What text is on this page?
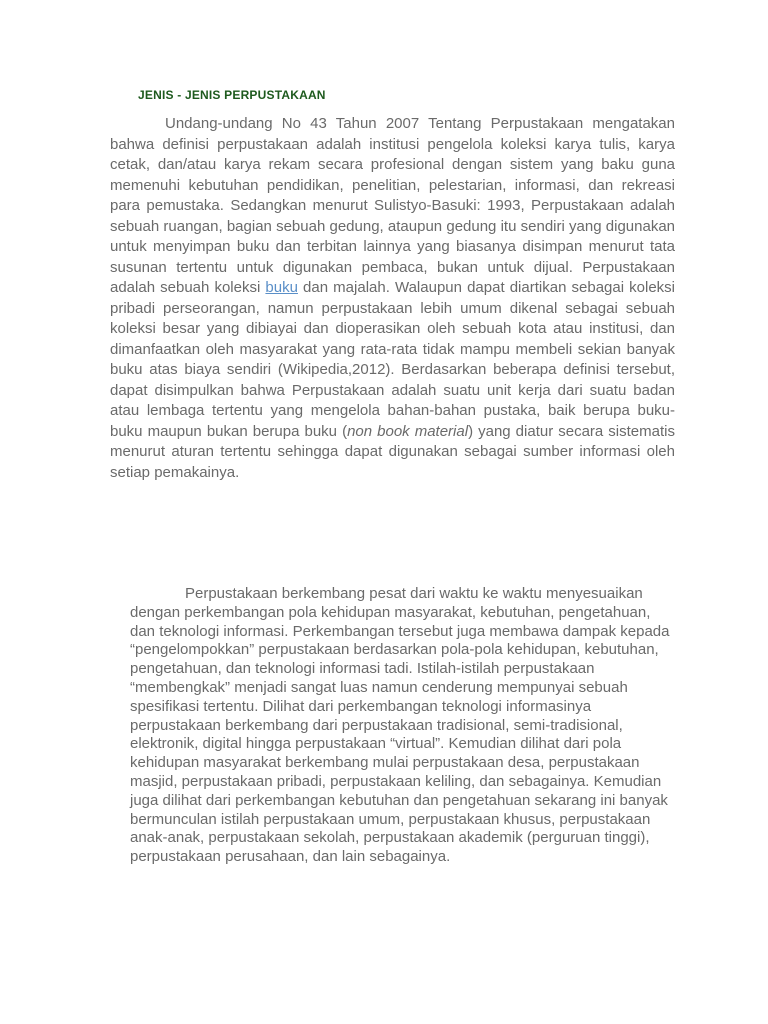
JENIS - JENIS PERPUSTAKAAN

Undang-undang No 43 Tahun 2007 Tentang Perpustakaan mengatakan bahwa definisi perpustakaan adalah institusi pengelola koleksi karya tulis, karya cetak, dan/atau karya rekam secara profesional dengan sistem yang baku guna memenuhi kebutuhan pendidikan, penelitian, pelestarian, informasi, dan rekreasi para pemustaka. Sedangkan menurut Sulistyo-Basuki: 1993, Perpustakaan adalah sebuah ruangan, bagian sebuah gedung, ataupun gedung itu sendiri yang digunakan untuk menyimpan buku dan terbitan lainnya yang biasanya disimpan menurut tata susunan tertentu untuk digunakan pembaca, bukan untuk dijual. Perpustakaan adalah sebuah koleksi buku dan majalah. Walaupun dapat diartikan sebagai koleksi pribadi perseorangan, namun perpustakaan lebih umum dikenal sebagai sebuah koleksi besar yang dibiayai dan dioperasikan oleh sebuah kota atau institusi, dan dimanfaatkan oleh masyarakat yang rata-rata tidak mampu membeli sekian banyak buku atas biaya sendiri (Wikipedia,2012). Berdasarkan beberapa definisi tersebut, dapat disimpulkan bahwa Perpustakaan adalah suatu unit kerja dari suatu badan atau lembaga tertentu yang mengelola bahan-bahan pustaka, baik berupa buku-buku maupun bukan berupa buku (non book material) yang diatur secara sistematis menurut aturan tertentu sehingga dapat digunakan sebagai sumber informasi oleh setiap pemakainya.

Perpustakaan berkembang pesat dari waktu ke waktu menyesuaikan dengan perkembangan pola kehidupan masyarakat, kebutuhan, pengetahuan, dan teknologi informasi. Perkembangan tersebut juga membawa dampak kepada “pengelompokkan” perpustakaan berdasarkan pola-pola kehidupan, kebutuhan, pengetahuan, dan teknologi informasi tadi. Istilah-istilah perpustakaan “membengkak” menjadi sangat luas namun cenderung mempunyai sebuah spesifikasi tertentu. Dilihat dari perkembangan teknologi informasinya perpustakaan berkembang dari perpustakaan tradisional, semi-tradisional, elektronik, digital hingga perpustakaan “virtual”. Kemudian dilihat dari pola kehidupan masyarakat berkembang mulai perpustakaan desa, perpustakaan masjid, perpustakaan pribadi, perpustakaan keliling, dan sebagainya. Kemudian juga dilihat dari perkembangan kebutuhan dan pengetahuan sekarang ini banyak bermunculan istilah perpustakaan umum, perpustakaan khusus, perpustakaan anak-anak, perpustakaan sekolah, perpustakaan akademik (perguruan tinggi), perpustakaan perusahaan, dan lain sebagainya.
